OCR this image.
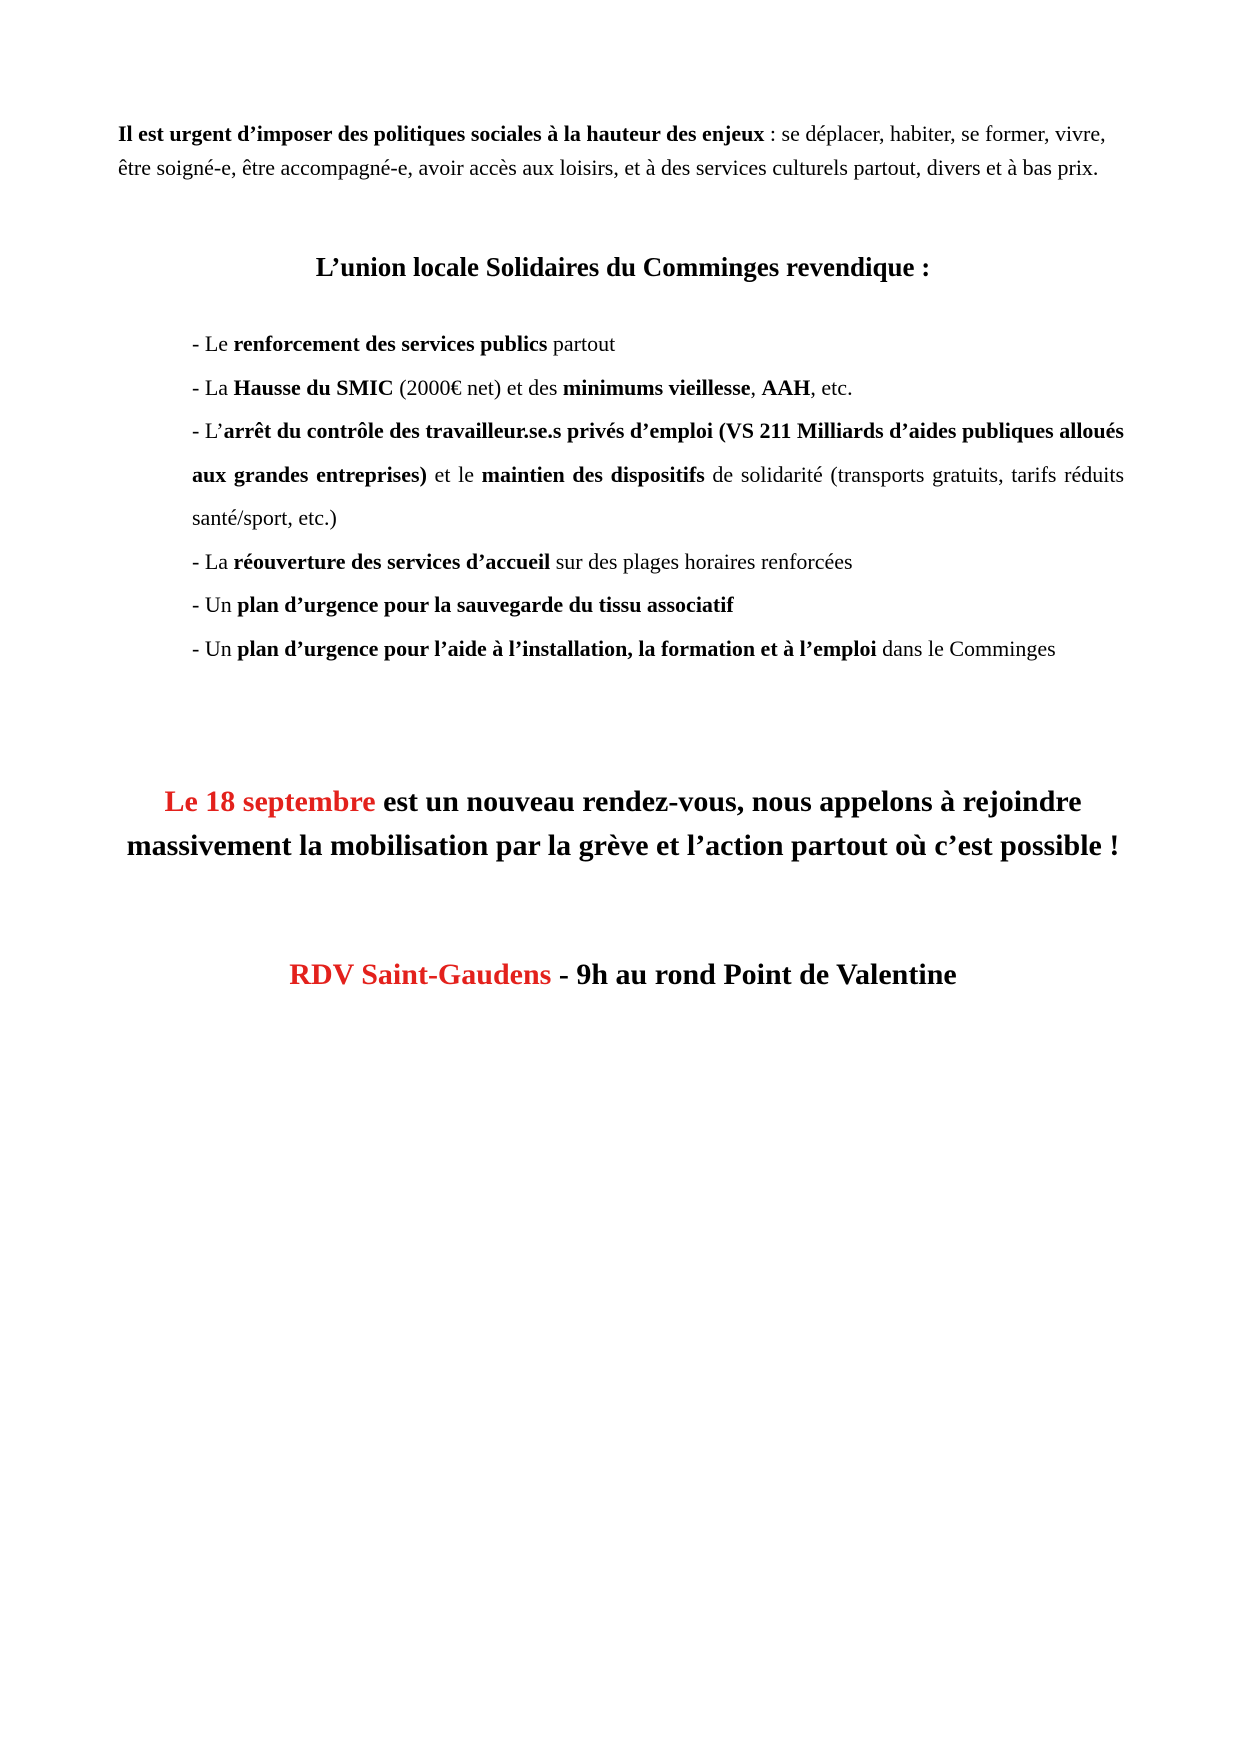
Il est urgent d’imposer des politiques sociales à la hauteur des enjeux : se déplacer, habiter, se former, vivre, être soigné-e, être accompagné-e, avoir accès aux loisirs, et à des services culturels partout, divers et à bas prix.

L’union locale Solidaires du Comminges revendique :
- Le renforcement des services publics partout
- La Hausse du SMIC (2000€ net) et des minimums vieillesse, AAH, etc.
- L’arrêt du contrôle des travailleur.se.s privés d’emploi (VS 211 Milliards d’aides publiques alloués aux grandes entreprises) et le maintien des dispositifs de solidarité (transports gratuits, tarifs réduits santé/sport, etc.)
- La réouverture des services d’accueil sur des plages horaires renforcées
- Un plan d’urgence pour la sauvegarde du tissu associatif
- Un plan d’urgence pour l’aide à l’installation, la formation et à l’emploi dans le Comminges

Le 18 septembre est un nouveau rendez-vous, nous appelons à rejoindre massivement la mobilisation par la grève et l’action partout où c’est possible !

RDV Saint-Gaudens - 9h au rond Point de Valentine
